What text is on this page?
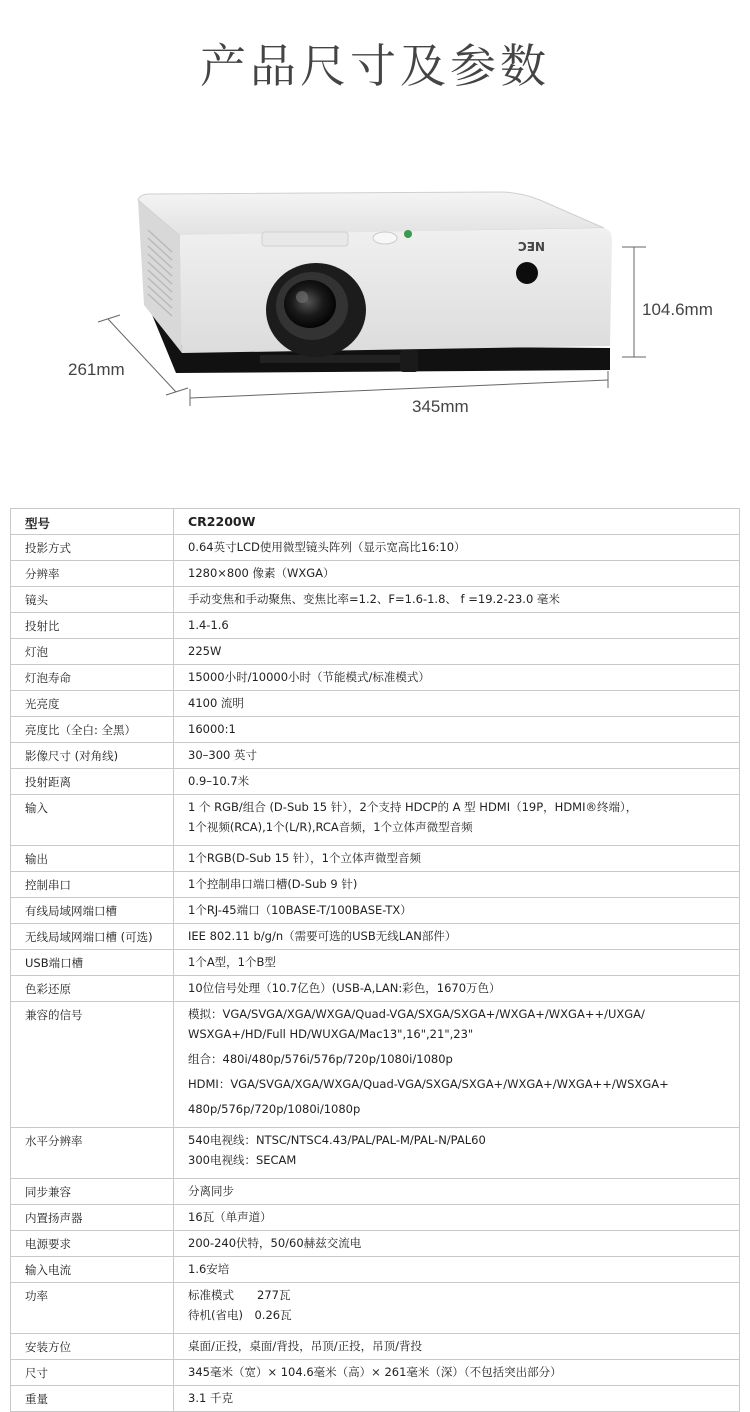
产品尺寸及参数
NEC
104.6mm
261mm
345mm
型号	CR2200W
投影方式	0.64英寸LCD使用微型镜头阵列（显示宽高比16:10）

分辨率	1280×800 像素（WXGA）

镜头	手动变焦和手动聚焦、变焦比率=1.2、F=1.6-1.8、 f =19.2-23.0 毫米

投射比	1.4-1.6

灯泡	225W

灯泡寿命	15000小时/10000小时（节能模式/标准模式）

光亮度	4100 流明

亮度比（全白: 全黑）	16000:1

影像尺寸 (对角线)	30–300 英寸

投射距离	0.9–10.7米

输入	1 个 RGB/组合 (D-Sub 15 针），2个支持 HDCP的 A 型 HDMI（19P，HDMI®终端），
1个视频(RCA),1个(L/R),RCA音频，1个立体声微型音频

输出	1个RGB(D-Sub 15 针），1个立体声微型音频

控制串口	1个控制串口端口槽(D-Sub 9 针)

有线局域网端口槽	1个RJ-45端口（10BASE-T/100BASE-TX）

无线局域网端口槽 (可选)	IEE 802.11 b/g/n（需要可选的USB无线LAN部件）

USB端口槽	1个A型，1个B型

色彩还原	10位信号处理（10.7亿色）(USB-A,LAN:彩色，1670万色）

兼容的信号	模拟：VGA/SVGA/XGA/WXGA/Quad-VGA/SXGA/SXGA+/WXGA+/WXGA++/UXGA/
WSXGA+/HD/Full HD/WUXGA/Mac13",16",21",23"
组合：480i/480p/576i/576p/720p/1080i/1080p
HDMI：VGA/SVGA/XGA/WXGA/Quad-VGA/SXGA/SXGA+/WXGA+/WXGA++/WSXGA+
480p/576p/720p/1080i/1080p

水平分辨率	540电视线：NTSC/NTSC4.43/PAL/PAL-M/PAL-N/PAL60
300电视线：SECAM

同步兼容	分离同步

内置扬声器	16瓦（单声道）

电源要求	200-240伏特，50/60赫兹交流电

输入电流	1.6安培

功率	标准模式　　277瓦
待机(省电)　0.26瓦

安装方位	桌面/正投，桌面/背投，吊顶/正投，吊顶/背投

尺寸	345毫米（宽）× 104.6毫米（高）× 261毫米（深）（不包括突出部分）

重量	3.1 千克
